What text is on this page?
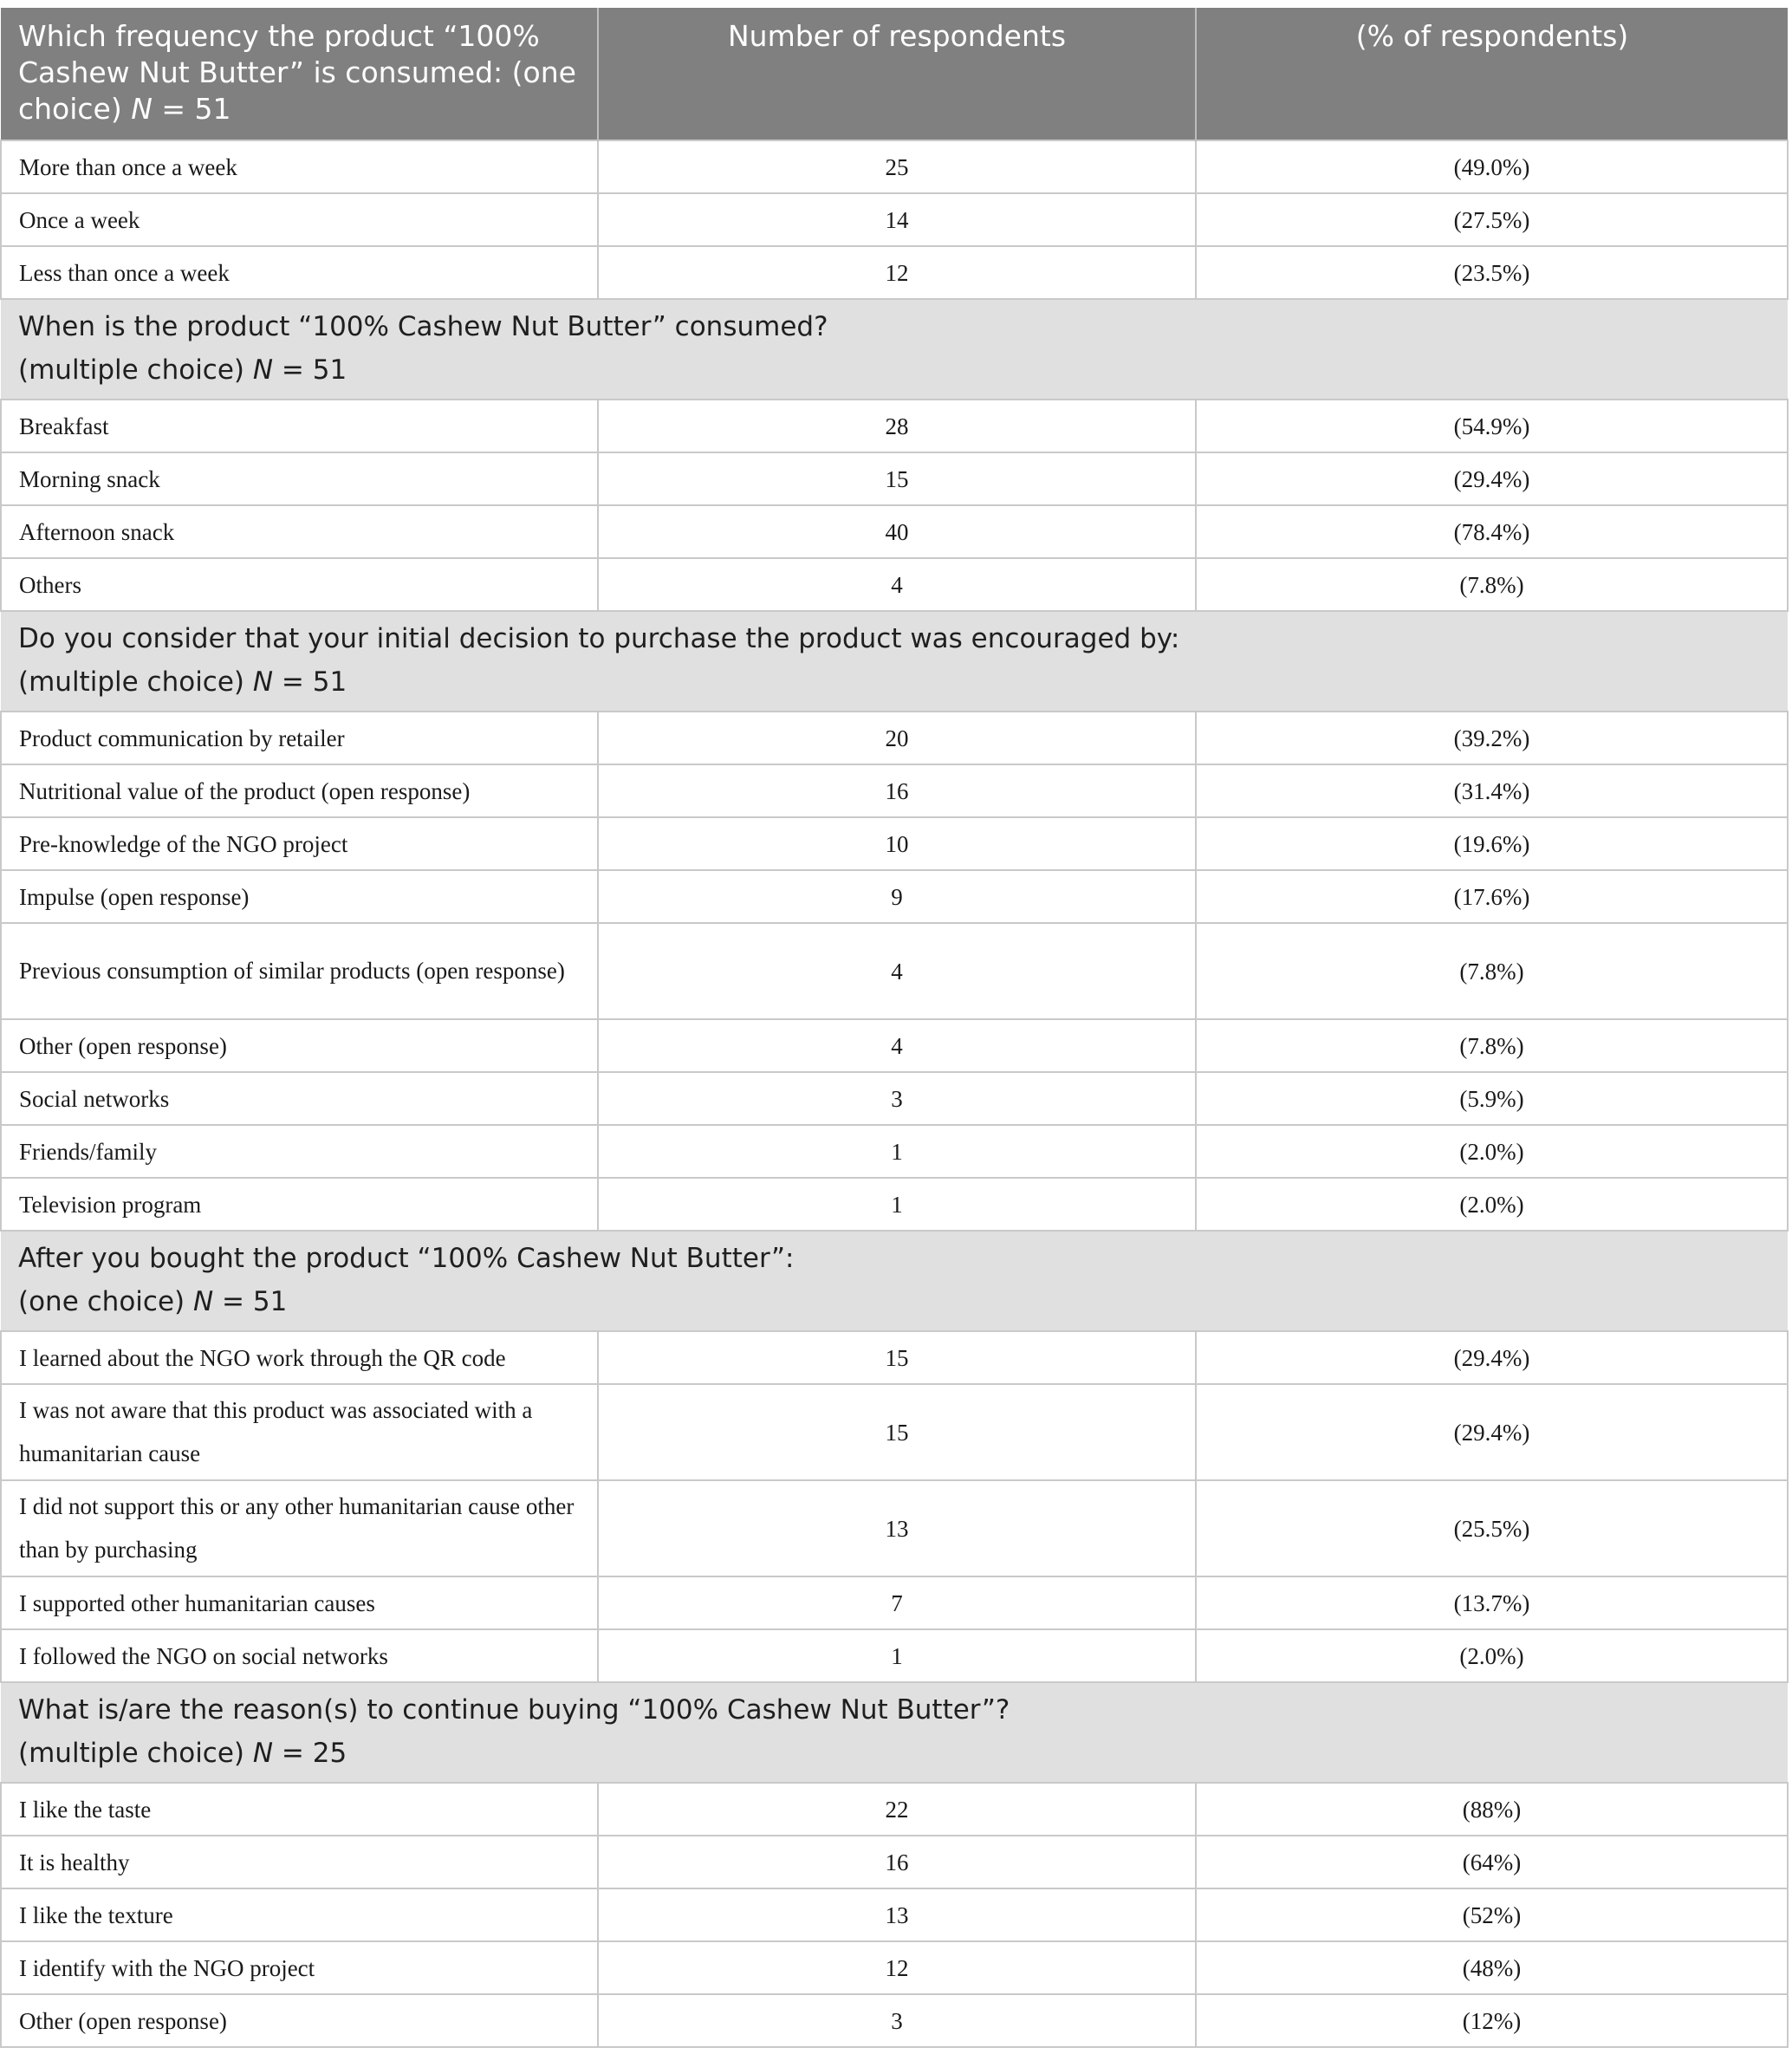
Which frequency the product “100% Cashew Nut Butter” is consumed: (one choice) N = 51	Number of respondents	(% of respondents)
More than once a week	25	(49.0%)
Once a week	14	(27.5%)
Less than once a week	12	(23.5%)

When is the product “100% Cashew Nut Butter” consumed?
(multiple choice) N = 51		

Breakfast	28	(54.9%)
Morning snack	15	(29.4%)
Afternoon snack	40	(78.4%)
Others	4	(7.8%)

Do you consider that your initial decision to purchase the product was encouraged by:
(multiple choice) N = 51		

Product communication by retailer	20	(39.2%)
Nutritional value of the product (open response)	16	(31.4%)
Pre-knowledge of the NGO project	10	(19.6%)
Impulse (open response)	9	(17.6%)
Previous consumption of similar products (open response)	4	(7.8%)
Other (open response)	4	(7.8%)
Social networks	3	(5.9%)
Friends/family	1	(2.0%)
Television program	1	(2.0%)

After you bought the product “100% Cashew Nut Butter”:
(one choice) N = 51		

I learned about the NGO work through the QR code	15	(29.4%)
I was not aware that this product was associated with a humanitarian cause	15	(29.4%)
I did not support this or any other humanitarian cause other than by purchasing	13	(25.5%)
I supported other humanitarian causes	7	(13.7%)
I followed the NGO on social networks	1	(2.0%)

What is/are the reason(s) to continue buying “100% Cashew Nut Butter”?
(multiple choice) N = 25		

I like the taste	22	(88%)
It is healthy	16	(64%)
I like the texture	13	(52%)
I identify with the NGO project	12	(48%)
Other (open response)	3	(12%)
